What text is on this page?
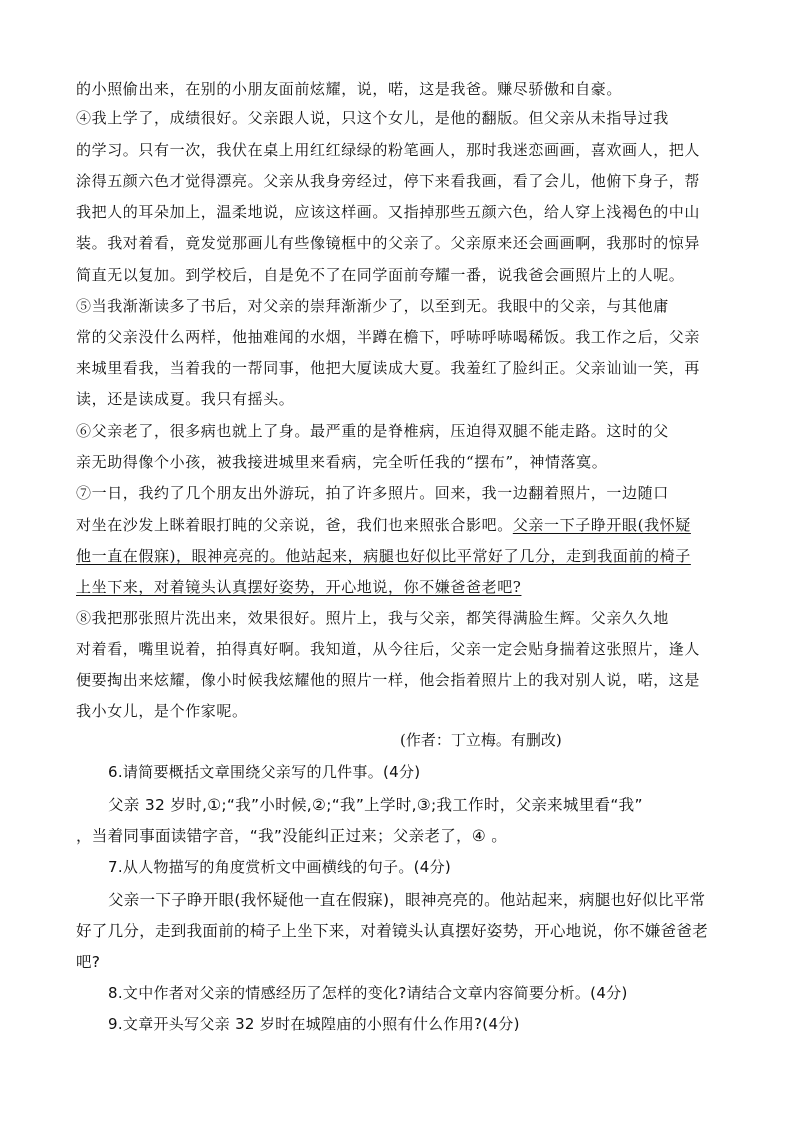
的小照偷出来，在别的小朋友面前炫耀，说，喏，这是我爸。赚尽骄傲和自豪。
④我上学了，成绩很好。父亲跟人说，只这个女儿，是他的翻版。但父亲从未指导过我
的学习。只有一次，我伏在桌上用红红绿绿的粉笔画人，那时我迷恋画画，喜欢画人，把人
涂得五颜六色才觉得漂亮。父亲从我身旁经过，停下来看我画，看了会儿，他俯下身子，帮
我把人的耳朵加上，温柔地说，应该这样画。又指掉那些五颜六色，给人穿上浅褐色的中山
装。我对着看，竟发觉那画儿有些像镜框中的父亲了。父亲原来还会画画啊，我那时的惊异
简直无以复加。到学校后，自是免不了在同学面前夸耀一番，说我爸会画照片上的人呢。
⑤当我渐渐读多了书后，对父亲的崇拜渐渐少了，以至到无。我眼中的父亲，与其他庸
常的父亲没什么两样，他抽难闻的水烟，半蹲在檐下，呼哧呼哧喝稀饭。我工作之后，父亲
来城里看我，当着我的一帮同事，他把大厦读成大夏。我羞红了脸纠正。父亲讪讪一笑，再
读，还是读成夏。我只有摇头。
⑥父亲老了，很多病也就上了身。最严重的是脊椎病，压迫得双腿不能走路。这时的父
亲无助得像个小孩，被我接进城里来看病，完全听任我的“摆布”，神情落寞。
⑦一日，我约了几个朋友出外游玩，拍了许多照片。回来，我一边翻着照片，一边随口
对坐在沙发上眯着眼打盹的父亲说，爸，我们也来照张合影吧。父亲一下子睁开眼(我怀疑
他一直在假寐)，眼神亮亮的。他站起来，病腿也好似比平常好了几分，走到我面前的椅子
上坐下来，对着镜头认真摆好姿势，开心地说，你不嫌爸爸老吧?
⑧我把那张照片洗出来，效果很好。照片上，我与父亲，都笑得满脸生辉。父亲久久地
对着看，嘴里说着，拍得真好啊。我知道，从今往后，父亲一定会贴身揣着这张照片，逢人
便要掏出来炫耀，像小时候我炫耀他的照片一样，他会指着照片上的我对别人说，喏，这是
我小女儿，是个作家呢。
(作者：丁立梅。有删改)
6.请简要概括文章围绕父亲写的几件事。(4分)
父亲 32 岁时,①;“我”小时候,②;“我”上学时,③;我工作时，父亲来城里看“我”
，当着同事面读错字音，“我”没能纠正过来；父亲老了，④ 。
7.从人物描写的角度赏析文中画横线的句子。(4分)
父亲一下子睁开眼(我怀疑他一直在假寐)，眼神亮亮的。他站起来，病腿也好似比平常
好了几分，走到我面前的椅子上坐下来，对着镜头认真摆好姿势，开心地说，你不嫌爸爸老
吧?
8.文中作者对父亲的情感经历了怎样的变化?请结合文章内容简要分析。(4分)
9.文章开头写父亲 32 岁时在城隍庙的小照有什么作用?(4分)
